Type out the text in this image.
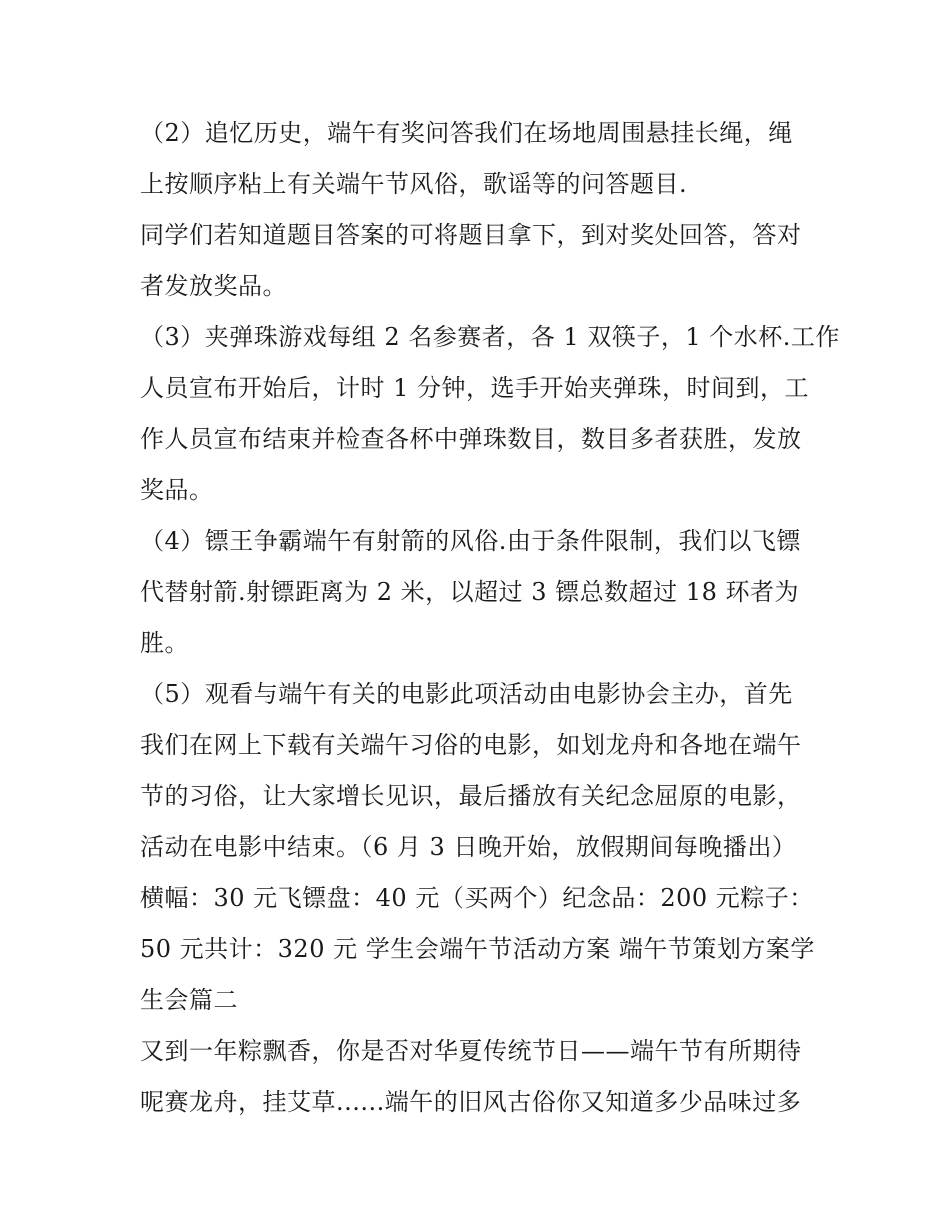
（2）追忆历史，端午有奖问答我们在场地周围悬挂长绳，绳
上按顺序粘上有关端午节风俗，歌谣等的问答题目.
同学们若知道题目答案的可将题目拿下，到对奖处回答，答对
者发放奖品。
（3）夹弹珠游戏每组 2 名参赛者，各 1 双筷子，1 个水杯.工作
人员宣布开始后，计时 1 分钟，选手开始夹弹珠，时间到，工
作人员宣布结束并检查各杯中弹珠数目，数目多者获胜，发放
奖品。
（4）镖王争霸端午有射箭的风俗.由于条件限制，我们以飞镖
代替射箭.射镖距离为 2 米，以超过 3 镖总数超过 18 环者为
胜。
（5）观看与端午有关的电影此项活动由电影协会主办，首先
我们在网上下载有关端午习俗的电影，如划龙舟和各地在端午
节的习俗，让大家增长见识，最后播放有关纪念屈原的电影，
活动在电影中结束。（6 月 3 日晚开始，放假期间每晚播出）
横幅：30 元飞镖盘：40 元（买两个）纪念品：200 元粽子：
50 元共计：320 元 学生会端午节活动方案 端午节策划方案学
生会篇二
又到一年粽飘香，你是否对华夏传统节日——端午节有所期待
呢赛龙舟，挂艾草......端午的旧风古俗你又知道多少品味过多
